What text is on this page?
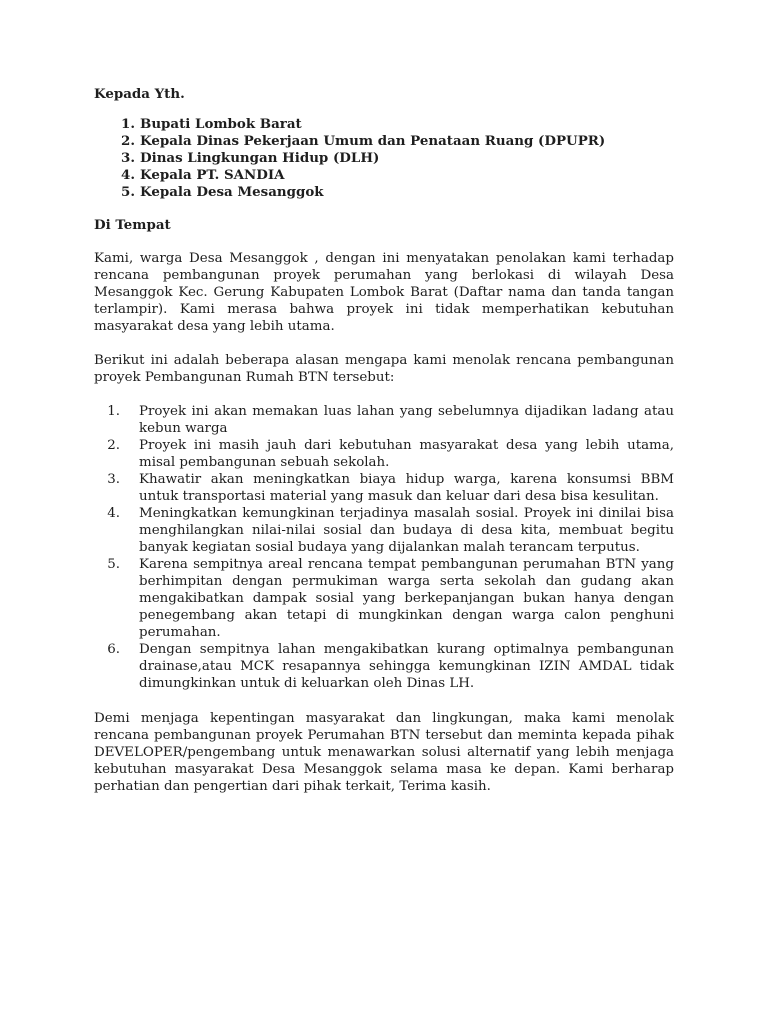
Kepada Yth.

1. Bupati Lombok Barat
2. Kepala Dinas Pekerjaan Umum dan Penataan Ruang (DPUPR)
3. Dinas Lingkungan Hidup (DLH)
4. Kepala PT. SANDIA
5. Kepala Desa Mesanggok

Di Tempat

Kami, warga Desa Mesanggok , dengan ini menyatakan penolakan kami terhadap rencana pembangunan proyek perumahan yang berlokasi di wilayah Desa Mesanggok Kec. Gerung Kabupaten Lombok Barat (Daftar nama dan tanda tangan terlampir). Kami merasa bahwa proyek ini tidak memperhatikan kebutuhan masyarakat desa yang lebih utama.

Berikut ini adalah beberapa alasan mengapa kami menolak rencana pembangunan proyek Pembangunan Rumah BTN tersebut:

1.	Proyek ini akan memakan luas lahan yang sebelumnya dijadikan ladang atau kebun warga
2.	Proyek ini masih jauh dari kebutuhan masyarakat desa yang lebih utama, misal pembangunan sebuah sekolah.
3.	Khawatir akan meningkatkan biaya hidup warga, karena konsumsi BBM untuk transportasi material yang masuk dan keluar dari desa bisa kesulitan.
4.	Meningkatkan kemungkinan terjadinya masalah sosial. Proyek ini dinilai bisa menghilangkan nilai-nilai sosial dan budaya di desa kita, membuat begitu banyak kegiatan sosial budaya yang dijalankan malah terancam terputus.
5.	Karena sempitnya areal rencana tempat pembangunan perumahan BTN yang berhimpitan dengan permukiman warga serta sekolah dan gudang akan mengakibatkan dampak sosial yang berkepanjangan bukan hanya dengan penegembang akan tetapi di mungkinkan dengan warga calon penghuni perumahan.
6.	Dengan sempitnya lahan mengakibatkan kurang optimalnya pembangunan drainase,atau MCK resapannya sehingga kemungkinan IZIN AMDAL tidak dimungkinkan untuk di keluarkan oleh Dinas LH.

Demi menjaga kepentingan masyarakat dan lingkungan, maka kami menolak rencana pembangunan proyek Perumahan BTN tersebut dan meminta kepada pihak DEVELOPER/pengembang untuk menawarkan solusi alternatif yang lebih menjaga kebutuhan masyarakat Desa Mesanggok selama masa ke depan. Kami berharap perhatian dan pengertian dari pihak terkait, Terima kasih.
